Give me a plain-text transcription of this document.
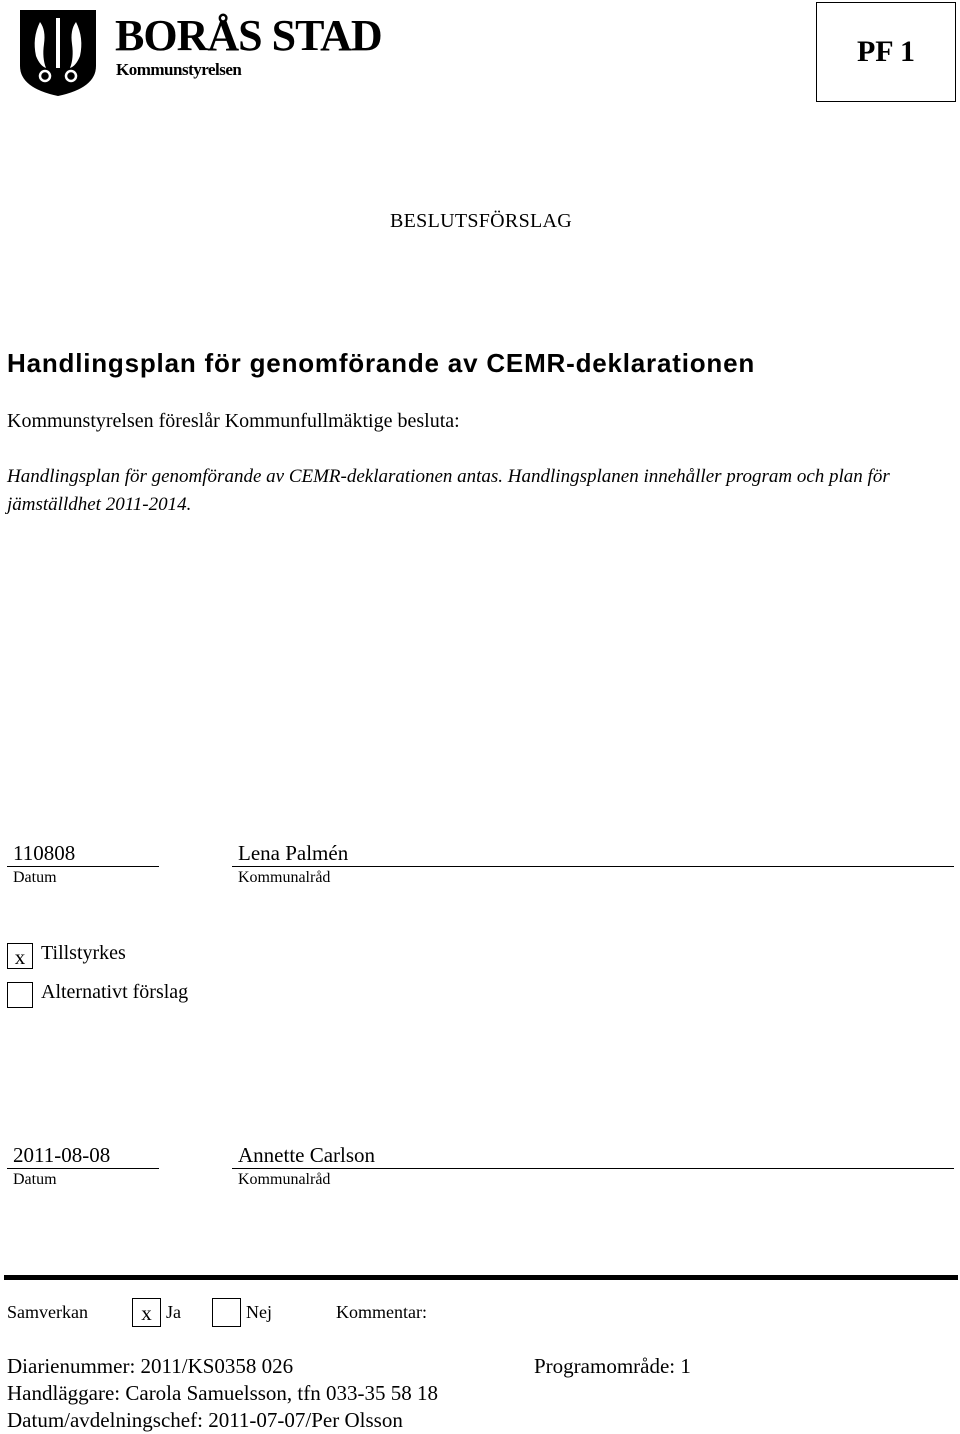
BORÅS STAD
Kommunstyrelsen
PF 1
BESLUTSFÖRSLAG
Handlingsplan för genomförande av CEMR-deklarationen
Kommunstyrelsen föreslår Kommunfullmäktige besluta:
Handlingsplan för genomförande av CEMR-deklarationen antas. Handlingsplanen innehåller program och plan för
jämställdhet 2011-2014.
110808
Datum
Lena Palmén
Kommunalråd
x Tillstyrkes
Alternativt förslag
2011-08-08
Datum
Annette Carlson
Kommunalråd
Samverkan	x Ja	Nej	Kommentar:
Diarienummer: 2011/KS0358 026	Programområde: 1
Handläggare: Carola Samuelsson, tfn 033-35 58 18
Datum/avdelningschef: 2011-07-07/Per Olsson
